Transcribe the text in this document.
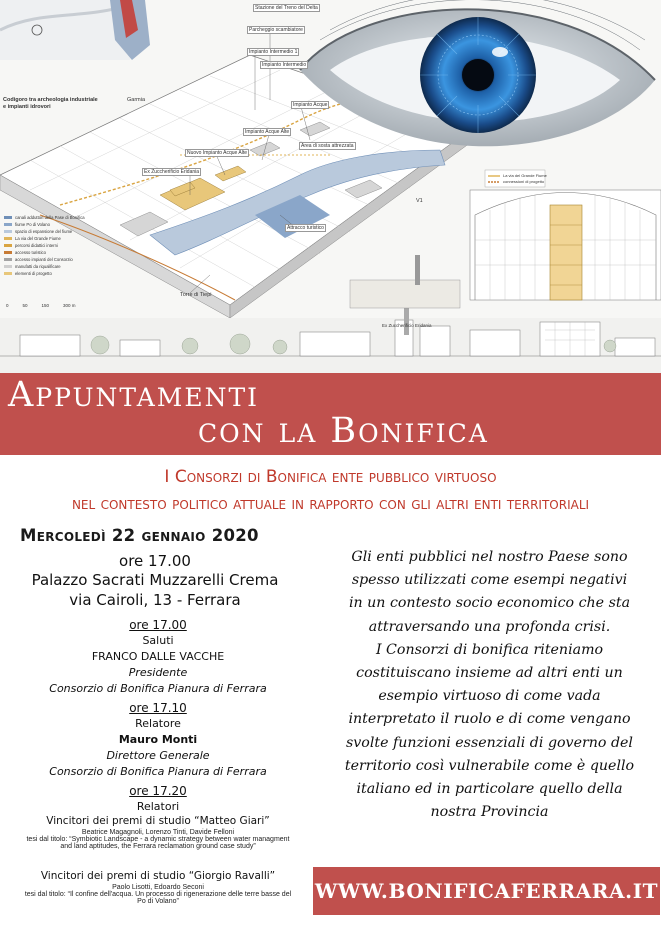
Stazione del Treno del Delta
Parcheggio scambiatore
Impianto Intermedio 1
Impianto Intermedio
Codigoro tra archeologia industriale
e impianti idrovori
Garmia
Impianto Acque
Impianto Acque Alte
Area di sosta attrezzata
Nuovo Impianto Acque Alte
Ex Zuccherificio Eridania
Attracco turistico
Torre di Tiepi
Ex Zuccherificio Eridania
V1
La via del Grande Fiume
connessioni di progetto
canali adduttori della Pase di Bonifica
fiume Po di Volano
spazio di espansione del fiume
La via del Grande Fiume
percorsi didattici interni
accesso turistico
accesso impianti del Consorzio
manufatti da riqualificare
elementi di progetto
0	50	150	300 m
Appuntamenti
con la Bonifica
I Consorzi di Bonifica ente pubblico virtuoso
nel contesto politico attuale in rapporto con gli altri enti territoriali
Mercoledì 22 gennaio 2020
ore 17.00
Palazzo Sacrati Muzzarelli Crema
via Cairoli, 13 - Ferrara
ore 17.00
Saluti
FRANCO DALLE VACCHE
Presidente
Consorzio di Bonifica Pianura di Ferrara
ore 17.10
Relatore
Mauro Monti
Direttore Generale
Consorzio di Bonifica Pianura di Ferrara
ore 17.20
Relatori
Vincitori dei premi di studio “Matteo Giari”
Beatrice Magagnoli, Lorenzo Tinti, Davide Felloni
tesi dal titolo: “Symbiotic Landscape - a dynamic strategy between water managment
and land aptitudes, the Ferrara reclamation ground case study”
Vincitori dei premi di studio “Giorgio Ravalli”
Paolo Lisotti, Edoardo Seconi
tesi dal titolo: “Il confine dell'acqua. Un processo di rigenerazione delle terre basse del
Po di Volano”
Gli enti pubblici nel nostro Paese sono
spesso utilizzati come esempi negativi
in un contesto socio economico che sta
attraversando una profonda crisi.
I Consorzi di bonifica riteniamo
costituiscano insieme ad altri enti un
esempio virtuoso di come vada
interpretato il ruolo e di come vengano
svolte funzioni essenziali di governo del
territorio così vulnerabile come è quello
italiano ed in particolare quello della
nostra Provincia
WWW.BONIFICAFERRARA.IT
